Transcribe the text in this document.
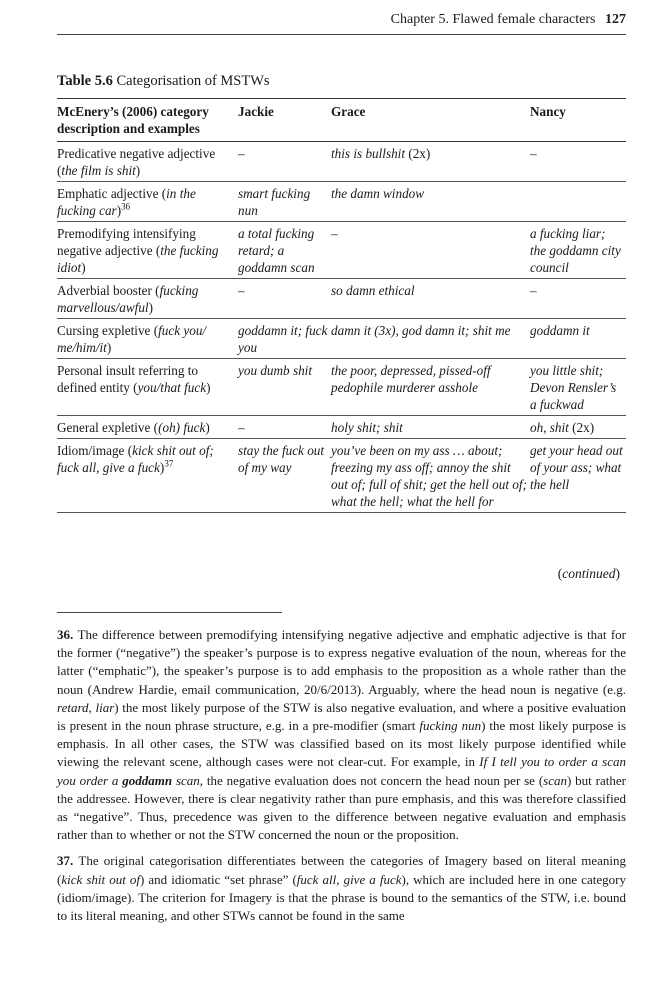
Chapter 5. Flawed female characters 127
Table 5.6 Categorisation of MSTWs
McEnery’s (2006) category description and examples	Jackie	Grace	Nancy
Predicative negative adjective (the film is shit)	–	this is bullshit (2x)	–
Emphatic adjective (in the fucking car)$^{36}$	smart fucking nun	the damn window	
Premodifying intensifying negative adjective (the fucking idiot)	a total fucking retard; a goddamn scan	–	a fucking liar; the goddamn city council
Adverbial booster (fucking marvellous/awful)	–	so damn ethical	–
Cursing expletive (fuck you/ me/him/it)	goddamn it; fuck you	damn it (3x), god damn it; shit me	goddamn it
Personal insult referring to defined entity (you/that fuck)	you dumb shit	the poor, depressed, pissed-off pedophile murderer asshole	you little shit; Devon Rensler’s a fuckwad
General expletive ((oh) fuck)	–	holy shit; shit	oh, shit (2x)
Idiom/image (kick shit out of; fuck all, give a fuck)$^{37}$	stay the fuck out of my way	you’ve been on my ass … about; freezing my ass off; annoy the shit out of; full of shit; get the hell out of; what the hell; what the hell for	get your head out of your ass; what the hell
(continued)

36. The difference between premodifying intensifying negative adjective and emphatic adjective is that for the former (“negative”) the speaker’s purpose is to express negative evaluation of the noun, whereas for the latter (“emphatic”), the speaker’s purpose is to add emphasis to the proposition as a whole rather than the noun (Andrew Hardie, email communication, 20/6/2013). Arguably, where the head noun is negative (e.g. retard, liar) the most likely purpose of the STW is also negative evaluation, and where a positive evaluation is present in the noun phrase structure, e.g. in a pre-modifier (smart fucking nun) the most likely purpose is emphasis. In all other cases, the STW was classified based on its most likely purpose identified while viewing the relevant scene, although cases were not clear-cut. For example, in If I tell you to order a scan you order a goddamn scan, the negative evaluation does not concern the head noun per se (scan) but rather the addressee. However, there is clear negativity rather than pure emphasis, and this was therefore classified as “negative”. Thus, precedence was given to the difference between negative evaluation and emphasis rather than to whether or not the STW concerned the noun or the proposition.

37. The original categorisation differentiates between the categories of Imagery based on literal meaning (kick shit out of) and idiomatic “set phrase” (fuck all, give a fuck), which are included here in one category (idiom/image). The criterion for Imagery is that the phrase is bound to the semantics of the STW, i.e. bound to its literal meaning, and other STWs cannot be found in the same
